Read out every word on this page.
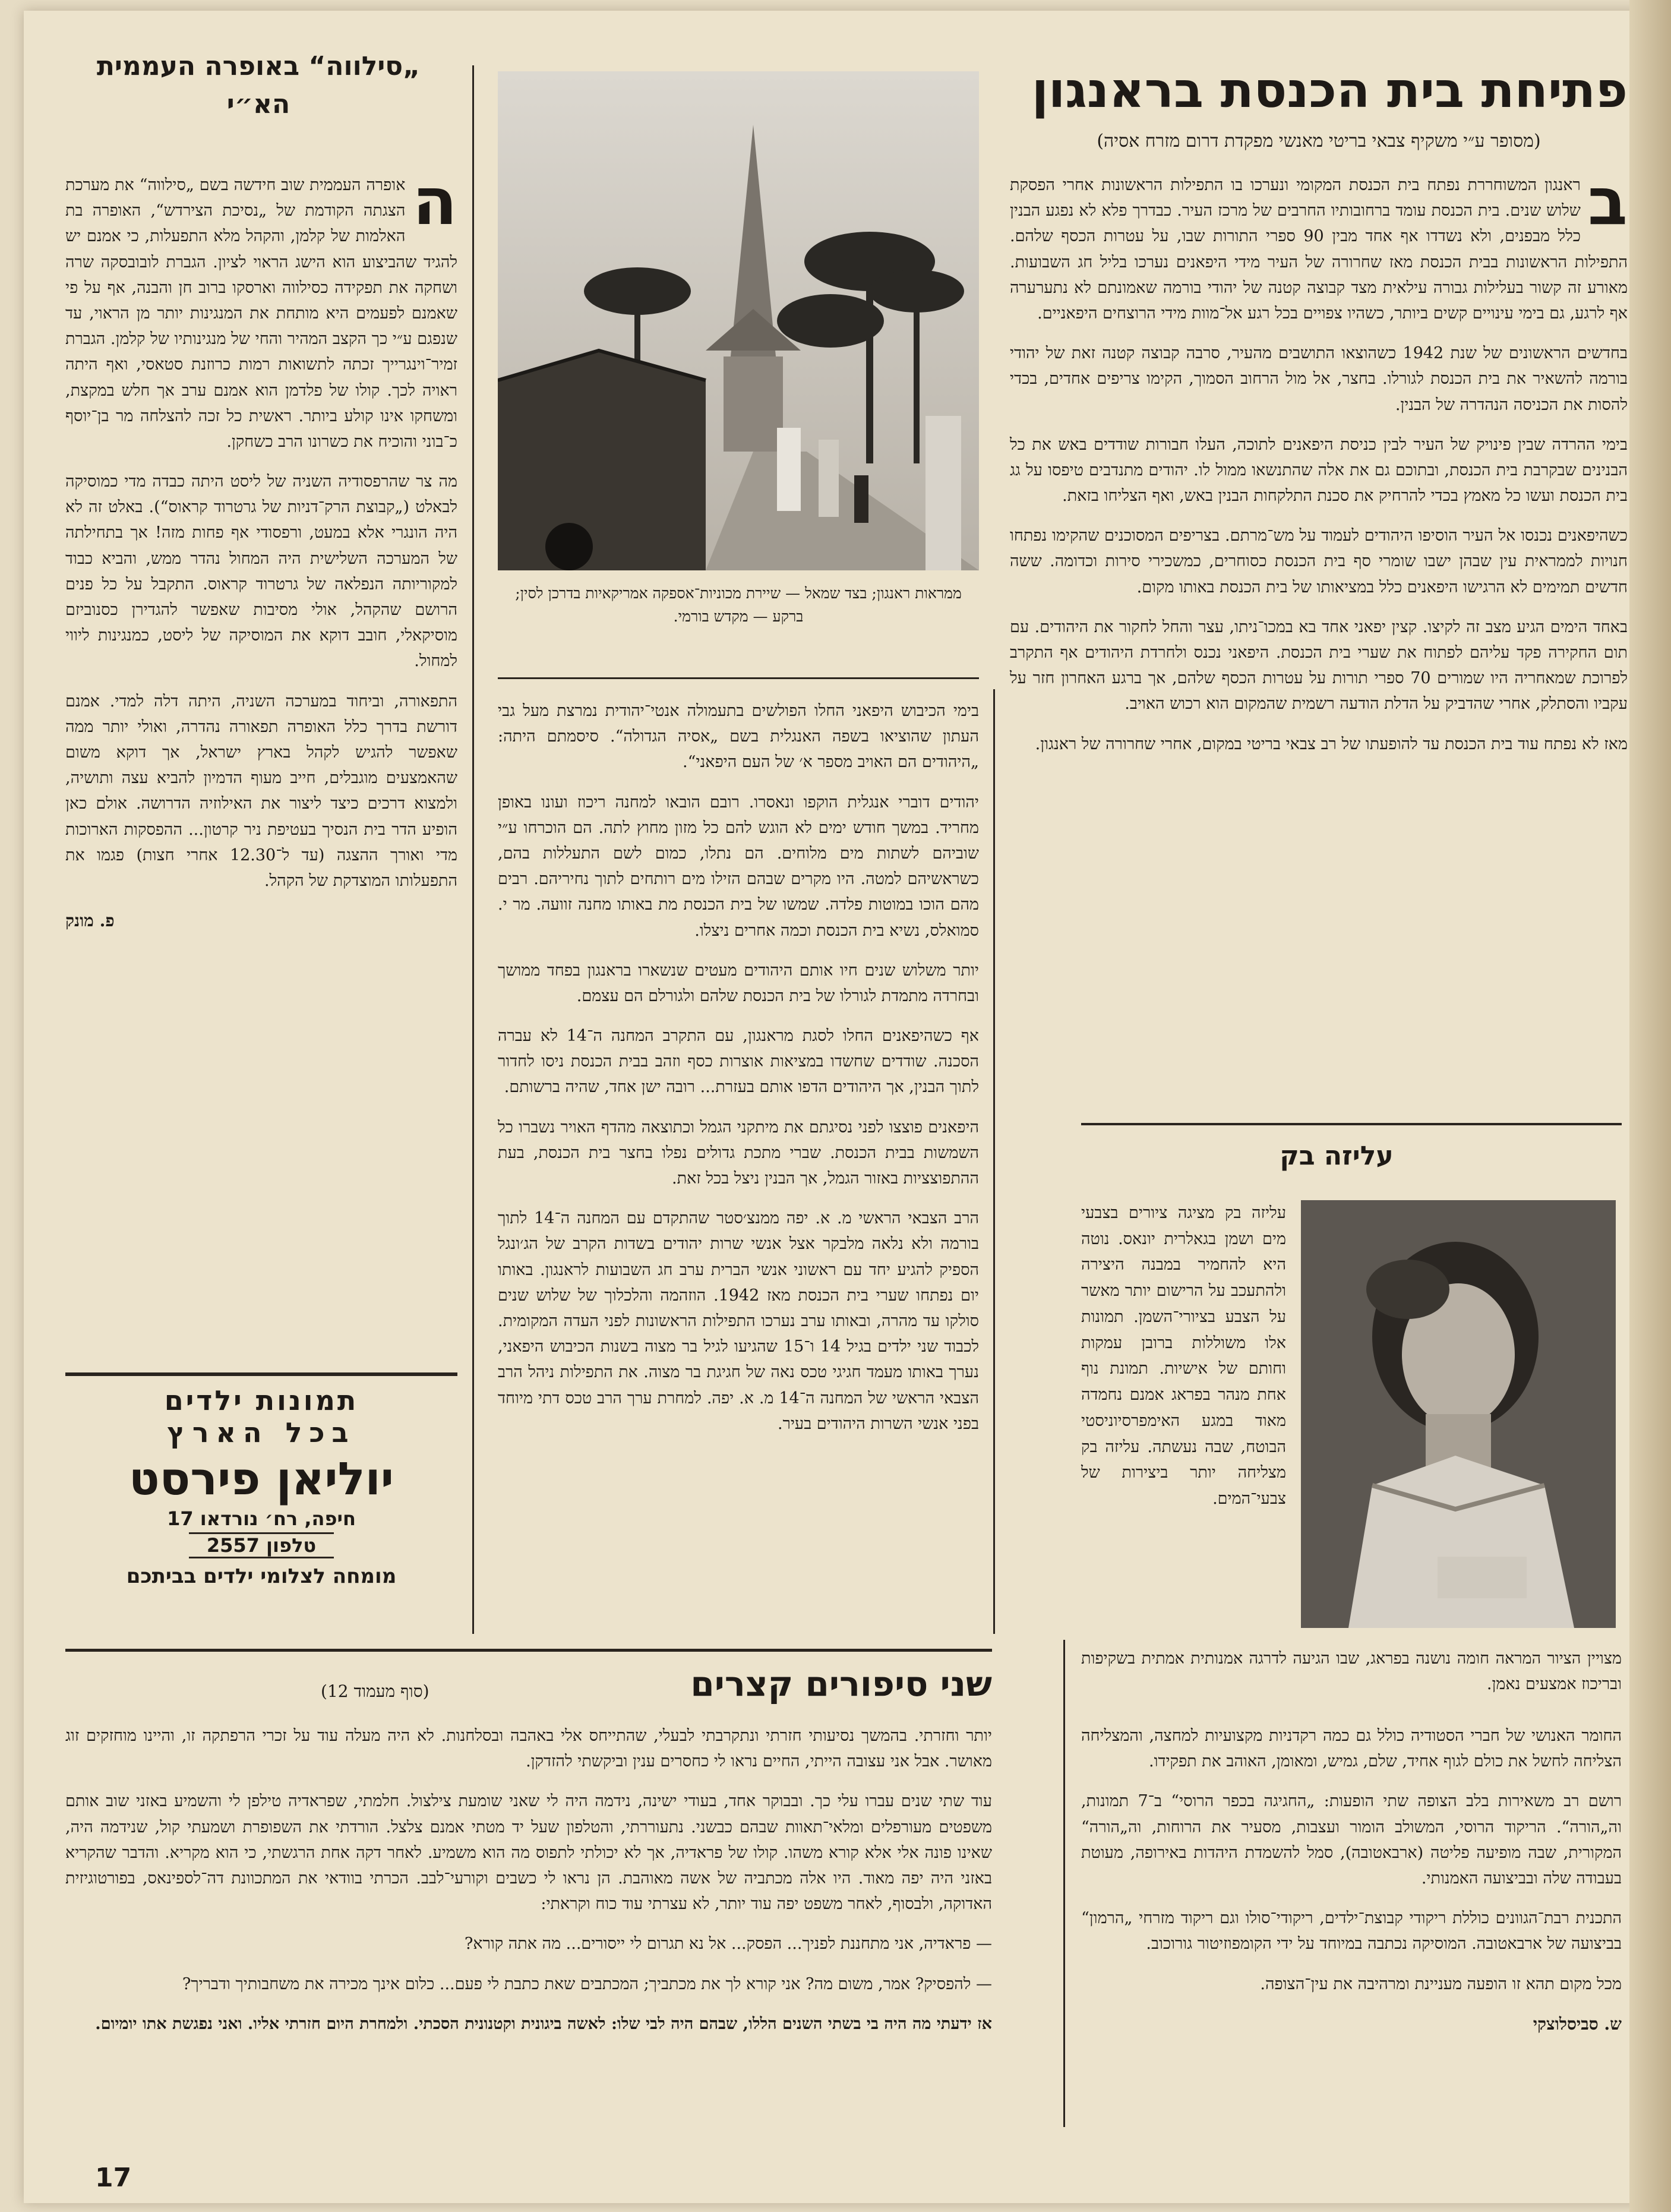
„סילווה“ באופרה העממית הא״י
ה

אופרה העממית שוב חידשה בשם „סילווה“ את מערכת הצגתה הקודמת של „נסיכת הצירדש“, האופרה בת האלמות של קלמן, והקהל מלא התפעלות, כי אמנם יש להגיד שהביצוע הוא הישג הראוי לציון. הגברת לובובסקה שרה ושחקה את תפקידה כסילווה וארסקו ברוב חן והבנה, אף על פי שאמנם לפעמים היא מותחת את המנגינות יותר מן הראוי, עד שנפגם ע״י כך הקצב המהיר והחי של מנגינותיו של קלמן. הגברת זמיר־וינגרייך זכתה לתשואות רמות כרוזנת סטאסי, ואף היתה ראויה לכך. קולו של פלדמן הוא אמנם ערב אך חלש במקצת, ומשחקו אינו קולע ביותר. ראשית כל זכה להצלחה מר בן־יוסף כ־בוני והוכיח את כשרונו הרב כשחקן.

מה צר שהרפסודיה השניה של ליסט היתה כבדה מדי כמוסיקה לבאלט („קבוצת הרק־דניות של גרטרוד קראוס“). באלט זה לא היה הונגרי אלא במעט, ורפסודי אף פחות מזה! אך בתחילתה של המערכה השלישית היה המחול נהדר ממש, והביא כבוד למקוריותה הנפלאה של גרטרוד קראוס. התקבל על כל פנים הרושם שהקהל, אולי מסיבות שאפשר להגדירן כסנוביזם מוסיקאלי, חובב דוקא את המוסיקה של ליסט, כמנגינות ליווי למחול.

התפאורה, וביחוד במערכה השניה, היתה דלה למדי. אמנם דורשת בדרך כלל האופרה תפאורה נהדרה, ואולי יותר ממה שאפשר להגיש לקהל בארץ ישראל, אך דוקא משום שהאמצעים מוגבלים, חייב מעוף הדמיון להביא עצה ותושיה, ולמצוא דרכים כיצד ליצור את האילוזיה הדרושה. אולם כאן הופיע הדר בית הנסיך בעטיפת ניר קרטון... ההפסקות הארוכות מדי ואורך ההצגה (עד ל־12.30 אחרי חצות) פגמו את התפעלותו המוצדקת של הקהל.

פ. מונק

תמונות ילדים
בכל הארץ
יוליאן פירסט
חיפה, רח׳ נורדאו 17
טלפון 2557
מומחה לצלומי ילדים בביתכם
ממראות ראנגון; בצד שמאל — שיירת מכוניות־אספקה אמריקאיות בדרכן לסין; ברקע — מקדש בורמי.
פתיחת בית הכנסת בראנגון
(מסופר ע״י משקיף צבאי בריטי מאנשי מפקדת דרום מזרח אסיה)
ב

ראנגון המשוחררת נפתח בית הכנסת המקומי ונערכו בו התפילות הראשונות אחרי הפסקת שלוש שנים. בית הכנסת עומד ברחובותיו החרבים של מרכז העיר. כבדרך פלא לא נפגע הבנין כלל מבפנים, ולא נשדדו אף אחד מבין 90 ספרי התורות שבו, על עטרות הכסף שלהם. התפילות הראשונות בבית הכנסת מאז שחרורה של העיר מידי היפאנים נערכו בליל חג השבועות. מאורע זה קשור בעלילות גבורה עילאית מצד קבוצה קטנה של יהודי בורמה שאמונתם לא נתערערה אף לרגע, גם בימי עינויים קשים ביותר, כשהיו צפויים בכל רגע אל־מוות מידי הרוצחים היפאניים.

בחדשים הראשונים של שנת 1942 כשהוצאו התושבים מהעיר, סרבה קבוצה קטנה זאת של יהודי בורמה להשאיר את בית הכנסת לגורלו. בחצר, אל מול הרחוב הסמוך, הקימו צריפים אחדים, בכדי להסות את הכניסה הנהדרה של הבנין.

בימי ההרדה שבין פינויק של העיר לבין כניסת היפאנים לתוכה, העלו חבורות שודדים באש את כל הבנינים שבקרבת בית הכנסת, ובתוכם גם את אלה שהתנשאו ממול לו. יהודים מתנדבים טיפסו על גג בית הכנסת ועשו כל מאמץ בכדי להרחיק את סכנת התלקחות הבנין באש, ואף הצליחו בזאת.

כשהיפאנים נכנסו אל העיר הוסיפו היהודים לעמוד על מש־מרתם. בצריפים המסוכנים שהקימו נפתחו חנויות לממראית עין שבהן ישבו שומרי סף בית הכנסת כסוחרים, כמשכירי סירות וכדומה. ששה חדשים תמימים לא הרגישו היפאנים כלל במציאותו של בית הכנסת באותו מקום.

באחד הימים הגיע מצב זה לקיצו. קצין יפאני אחד בא במכו־ניתו, עצר והחל לחקור את היהודים. עם תום החקירה פקד עליהם לפתוח את שערי בית הכנסת. היפאני נכנס ולחרדת היהודים אף התקרב לפרוכת שמאחריה היו שמורים 70 ספרי תורות על עטרות הכסף שלהם, אך ברגע האחרון חזר על עקביו והסתלק, אחרי שהדביק על הדלת הודעה רשמית שהמקום הוא רכוש האויב.

מאז לא נפתח עוד בית הכנסת עד להופעתו של רב צבאי בריטי במקום, אחרי שחרורה של ראנגון.

בימי הכיבוש היפאני החלו הפולשים בתעמולה אנטי־יהודית נמרצת מעל גבי העתון שהוציאו בשפה האנגלית בשם „אסיה הגדולה“. סיסמתם היתה: „היהודים הם האויב מספר א׳ של העם היפאני“.

יהודים דוברי אנגלית הוקפו ונאסרו. רובם הובאו למחנה ריכוז ועונו באופן מחריד. במשך חודש ימים לא הוגש להם כל מזון מחוץ לתה. הם הוכרחו ע״י שוביהם לשתות מים מלוחים. הם נתלו, כמום לשם התעללות בהם, כשראשיהם למטה. היו מקרים שבהם הזילו מים רותחים לתוך נחיריהם. רבים מהם הוכו במוטות פלדה. שמשו של בית הכנסת מת באותו מחנה זוועה. מר י. סמואלס, נשיא בית הכנסת וכמה אחרים ניצלו.

יותר משלוש שנים חיו אותם היהודים מעטים שנשארו בראנגון בפחד ממושך ובחרדה מתמדת לגורלו של בית הכנסת שלהם ולגורלם הם עצמם.

אף כשהיפאנים החלו לסגת מראנגון, עם התקרב המחנה ה־14 לא עברה הסכנה. שודדים שחשדו במציאות אוצרות כסף וזהב בבית הכנסת ניסו לחדור לתוך הבנין, אך היהודים הדפו אותם בעזרת... רובה ישן אחד, שהיה ברשותם.

היפאנים פוצצו לפני נסיגתם את מיתקני הגמל וכתוצאה מהדף האויר נשברו כל השמשות בבית הכנסת. שברי מתכת גדולים נפלו בחצר בית הכנסת, בעת ההתפוצציות באזור הגמל, אך הבנין ניצל בכל זאת.

הרב הצבאי הראשי מ. א. יפה ממנצ׳סטר שהתקדם עם המחנה ה־14 לתוך בורמה ולא נלאה מלבקר אצל אנשי שרות יהודים בשדות הקרב של הג׳ונגל הספיק להגיע יחד עם ראשוני אנשי הברית ערב חג השבועות לראנגון. באותו יום נפתחו שערי בית הכנסת מאז 1942. הוזהמה והלכלוך של שלוש שנים סולקו עד מהרה, ובאותו ערב נערכו התפילות הראשונות לפני העדה המקומית. לכבוד שני ילדים בגיל 14 ו־15 שהגיעו לגיל בר מצוה בשנות הכיבוש היפאני, נערך באותו מעמד חגיגי טכס נאה של חגיגת בר מצוה. את התפילות ניהל הרב הצבאי הראשי של המחנה ה־14 מ. א. יפה. למחרת ערך הרב טכס דתי מיוחד בפני אנשי השרות היהודים בעיר.

עליזה בק
עליזה בק מציגה ציורים בצבעי מים ושמן בגאלרית יונאס. נוטה היא להחמיר במבנה היצירה ולהתעכב על הרישום יותר מאשר על הצבע בציורי־השמן. תמונות אלו משוללות ברובן עמקות וחותם של אישיות. תמונת נוף אחת מנהר בפראג אמנם נחמדה מאוד במגע האימפרסיוניסטי הבוטח, שבה נעשתה. עליזה בק מצליחה יותר ביצירות של צבעי־המים.
מצויין הציור המראה חומה נושנה בפראג, שבו הגיעה לדרגה אמנותית אמתית בשקיפות ובריכוז אמצעים נאמן.
שני סיפורים קצרים
(סוף מעמוד 12)

יותר וחזרתי. בהמשך נסיעותי חזרתי ונתקרבתי לבעלי, שהתייחס אלי באהבה ובסלחנות. לא היה מעלה עוד על זכרי הרפתקה זו, והיינו מוחזקים זוג מאושר. אבל אני עצובה הייתי, החיים נראו לי כחסרים ענין וביקשתי להזדקן.

עוד שתי שנים עברו עלי כך. ובבוקר אחד, בעודי ישינה, נידמה היה לי שאני שומעת צילצול. חלמתי, שפראדיה טילפן לי והשמיע באזני שוב אותם משפטים מעורפלים ומלאי־תאוות שבהם כבשני. נתעוררתי, והטלפון שעל יד מטתי אמנם צלצל. הורדתי את השפופרת ושמעתי קול, שנידמה היה, שאינו פונה אלי אלא קורא משהו. קולו של פראדיה, אך לא יכולתי לתפוס מה הוא משמיע. לאחר דקה אחת הרגשתי, כי הוא מקריא. והדבר שהקריא באזני היה יפה מאוד. היו אלה מכתביה של אשה מאוהבת. הן נראו לי כשבים וקורעי־לבב. הכרתי בוודאי את המתכוונת דה־לספינאס, בפורטוגיזית האדוקה, ולבסוף, לאחר משפט יפה עוד יותר, לא עצרתי עוד כוח וקראתי:

— פראדיה, אני מתחננת לפניך... הפסק... אל נא תגרום לי ייסורים... מה אתה קורא?

— להפסיק? אמר, משום מה? אני קורא לך את מכתביך; המכתבים שאת כתבת לי פעם... כלום אינך מכירה את משחבותיך ודבריך?

אז ידעתי מה היה בי בשתי השנים הללו, שבהם היה לבי שלו: לאשה ביגונית וקטנונית הסכתי. ולמחרת היום חזרתי אליו. ואני נפגשת אתו יומיום.

החומר האנושי של חברי הסטודיה כולל גם כמה רקדניות מקצועיות למחצה, והמצליחה הצליחה לחשל את כולם לגוף אחיד, שלם, גמיש, ומאומן, האוהב את תפקידו.

רושם רב משאירות בלב הצופה שתי הופעות: „החגיגה בכפר הרוסי“ ב־7 תמונות, וה„הורה“. הריקוד הרוסי, המשולב הומור ועצבות, מסעיר את הרוחות, וה„הורה“ המקורית, שבה מופיעה פליטה (ארבאטובה), סמל להשמדת היהדות באירופה, מעוטת בעבודה שלה ובביצועה האמנותי.

התכנית רבת־הגוונים כוללת ריקודי קבוצת־ילדים, ריקודי־סולו וגם ריקוד מזרחי „הרמון“ בביצועה של ארבאטובה. המוסיקה נכתבה במיוחד על ידי הקומפוזיטור גורוכוב.

מכל מקום תהא זו הופעה מעניינת ומרהיבה את עין־הצופה.

ש. סביסלוצקי

17
